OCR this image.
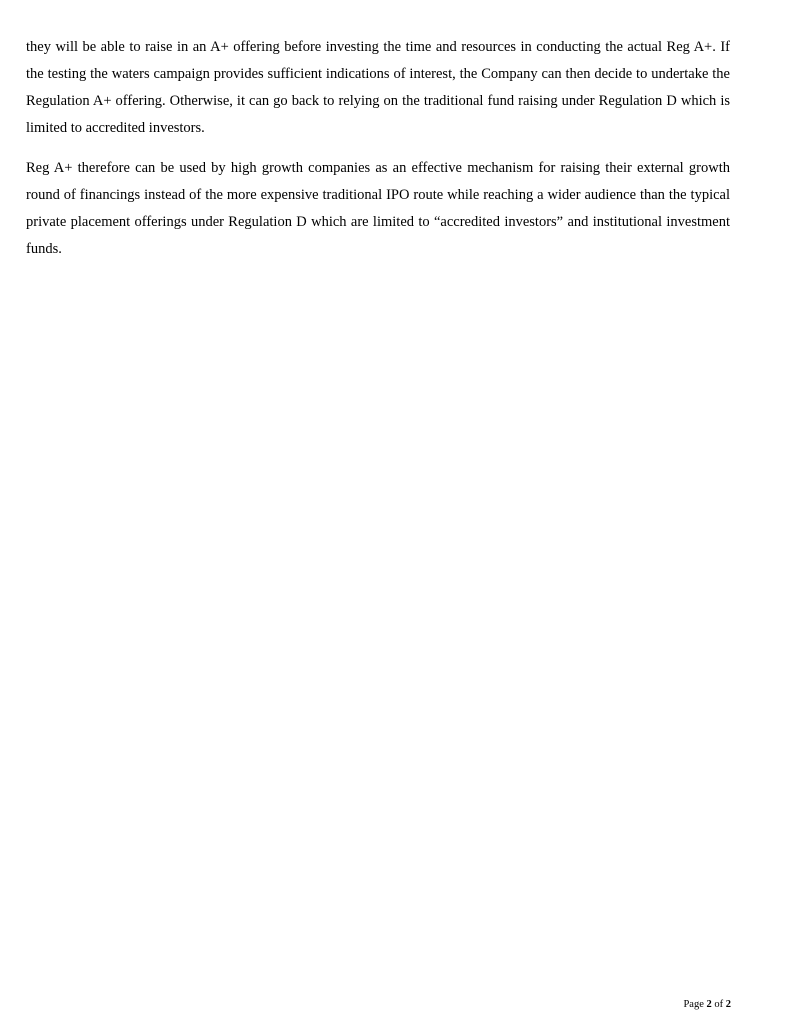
they will be able to raise in an A+ offering before investing the time and resources in conducting the actual Reg A+. If the testing the waters campaign provides sufficient indications of interest, the Company can then decide to undertake the Regulation A+ offering. Otherwise, it can go back to relying on the traditional fund raising under Regulation D which is limited to accredited investors.

Reg A+ therefore can be used by high growth companies as an effective mechanism for raising their external growth round of financings instead of the more expensive traditional IPO route while reaching a wider audience than the typical private placement offerings under Regulation D which are limited to “accredited investors” and institutional investment funds.

Page 2 of 2
